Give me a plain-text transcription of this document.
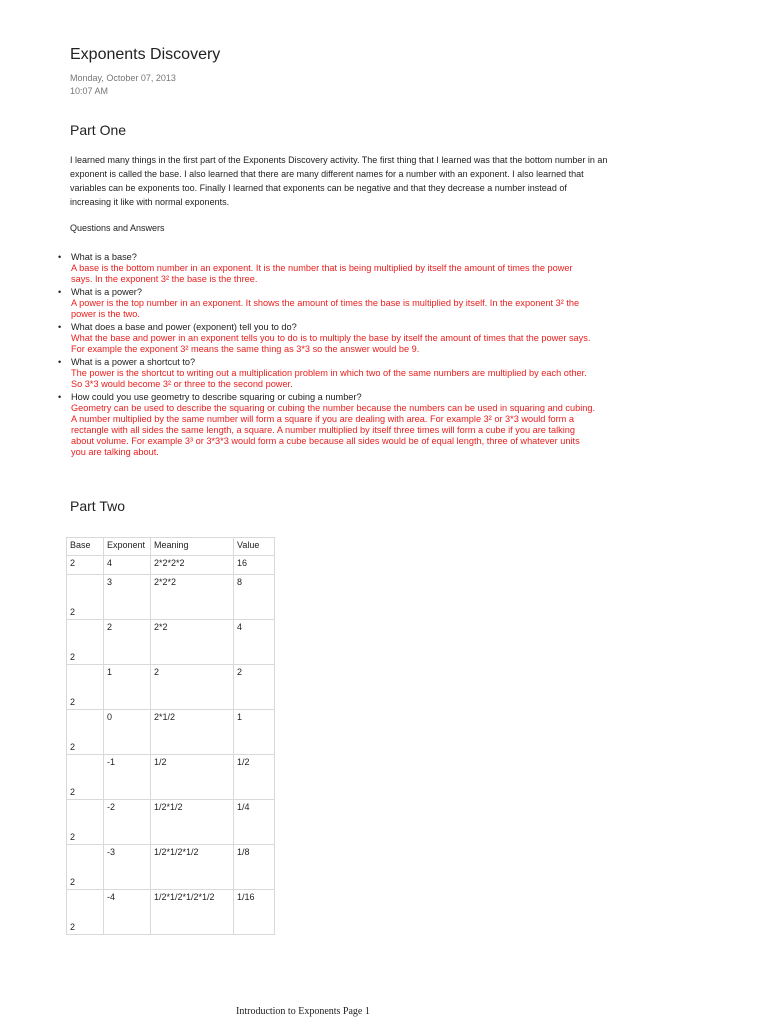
Exponents Discovery
Monday, October 07, 2013
10:07 AM
Part One
I learned many things in the first part of the Exponents Discovery activity. The first thing that I learned was that the bottom number in an exponent is called the base. I also learned that there are many different names for a number with an exponent. I also learned that variables can be exponents too. Finally I learned that exponents can be negative and that they decrease a number instead of increasing it like with normal exponents.
Questions and Answers
• What is a base?
A base is the bottom number in an exponent. It is the number that is being multiplied by itself the amount of times the power says. In the exponent 3² the base is the three.
• What is a power?
A power is the top number in an exponent. It shows the amount of times the base is multiplied by itself. In the exponent 3² the power is the two.
• What does a base and power (exponent) tell you to do?
What the base and power in an exponent tells you to do is to multiply the base by itself the amount of times that the power says. For example the exponent 3² means the same thing as 3*3 so the answer would be 9.
• What is a power a shortcut to?
The power is the shortcut to writing out a multiplication problem in which two of the same numbers are multiplied by each other. So 3*3 would become 3² or three to the second power.
• How could you use geometry to describe squaring or cubing a number?
Geometry can be used to describe the squaring or cubing the number because the numbers can be used in squaring and cubing. A number multiplied by the same number will form a square if you are dealing with area. For example 3² or 3*3 would form a rectangle with all sides the same length, a square. A number multiplied by itself three times will form a cube if you are talking about volume. For example 3³ or 3*3*3 would form a cube because all sides would be of equal length, three of whatever units you are talking about.
Part Two
Base	Exponent	Meaning	Value
2	4	2*2*2*2	16
2	3	2*2*2	8
2	2	2*2	4
2	1	2	2
2	0	2*1/2	1
2	-1	1/2	1/2
2	-2	1/2*1/2	1/4
2	-3	1/2*1/2*1/2	1/8
2	-4	1/2*1/2*1/2*1/2	1/16
Introduction to Exponents Page 1
